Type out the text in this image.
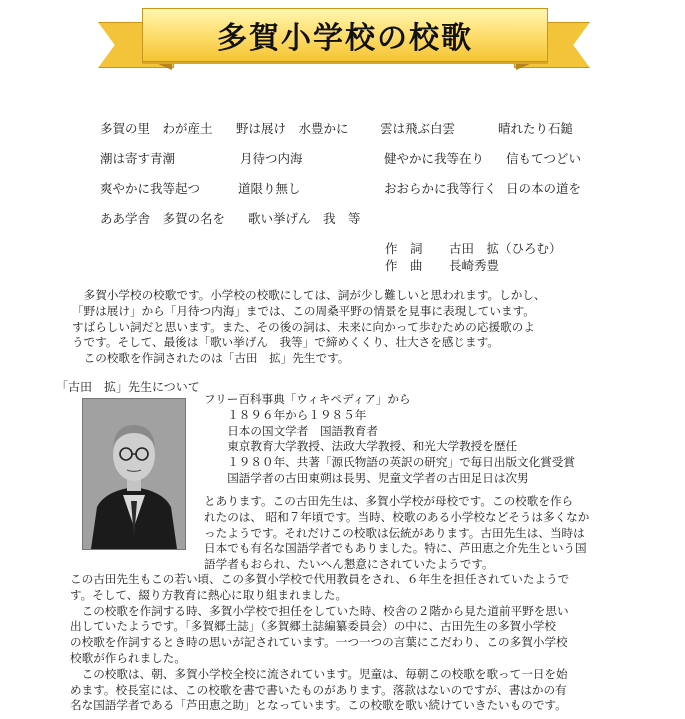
多賀小学校の校歌
多賀の里　わが産土 野は展け　水豊かに	雲は飛ぶ白雲	晴れたり石鎚
潮は寄す青潮	月待つ内海	健やかに我等在り 信もてつどい
爽やかに我等起つ	道限り無し	おおらかに我等行く 日の本の道を
ああ学舎　多賀の名を 歌い挙げん　我　等
作　詞 古田　拡（ひろむ）
作　曲 長崎秀豊
　多賀小学校の校歌です。小学校の校歌にしては、詞が少し難しいと思われます。しかし、
「野は展け」から「月待つ内海」までは、この周桑平野の情景を見事に表現しています。
すばらしい詞だと思います。また、その後の詞は、未来に向かって歩むための応援歌のよ
うです。そして、最後は「歌い挙げん　我等」で締めくくり、壮大さを感じます。
　この校歌を作詞されたのは「古田　拡」先生です。
「古田　拡」先生について
フリー百科事典「ウィキペディア」から
　　１８９６年から１９８５年
　　日本の国文学者　国語教育者
　　東京教育大学教授、法政大学教授、和光大学教授を歴任
　　１９８０年、共著「源氏物語の英訳の研究」で毎日出版文化賞受賞
　　国語学者の古田東朔は長男、児童文学者の古田足日は次男
とあります。この古田先生は、多賀小学校が母校です。この校歌を作ら
れたのは、 昭和７年頃です。当時、校歌のある小学校などそうは多くなか
ったようです。それだけこの校歌は伝統があります。古田先生は、当時は
日本でも有名な国語学者でもありました。特に、芦田恵之介先生という国
語学者もおられ、たいへん懇意にされていたようです。
この古田先生もこの若い頃、この多賀小学校で代用教員をされ、６年生を担任されていたようで
す。そして、綴り方教育に熱心に取り組まれました。
　この校歌を作詞する時、多賀小学校で担任をしていた時、校舎の２階から見た道前平野を思い
出していたようです。「多賀郷土誌」（多賀郷土誌編纂委員会）の中に、古田先生の多賀小学校
の校歌を作詞するとき時の思いが記されています。一つ一つの言葉にこだわり、この多賀小学校
校歌が作られました。
　この校歌は、朝、多賀小学校全校に流されています。児童は、毎朝この校歌を歌って一日を始
めます。校長室には、この校歌を書で書いたものがあります。落款はないのですが、書はかの有
名な国語学者である「芦田恵之助」となっています。この校歌を歌い続けていきたいものです。
